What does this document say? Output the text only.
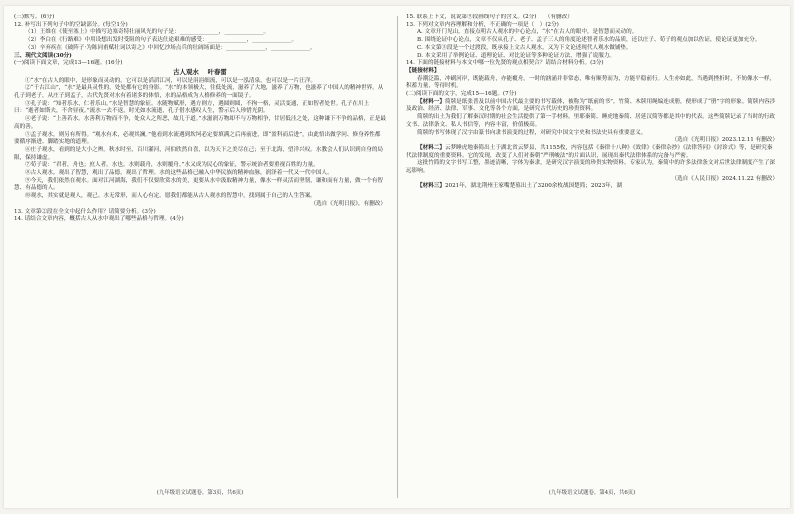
(三)默写。(6分)

12. 补写出下列句子中的空缺部分。(每空1分)

（1）王维在《使至塞上》中描写边塞奇特壮丽风光的句子是：______________，______________。

（2）李白在《行路难》中用设想出发时受阻的句子表达仕途艰难的感受：______________，______________。

（3）辛弃疾在《破阵子·为陈同甫赋壮词以寄之》中回忆沙场点兵的壮阔场面是：______________，______________。

三、现代文阅读(30分)

(一)阅读下面文章，完成13—16题。(16分)

古人观水 叶春雷

①“水”在古人的眼中，是形象而灵动的。它可以是滔滔江河，可以是涓涓细流，可以是一泓清泉，也可以是一片汪洋。

②“千古江山”，“水”是最具灵性的，处处都有它的身影。“水”的本领极大，往低处流，滋养了大地，滋养了万物，也滋养了中国人的精神世界。从孔子到老子，从庄子到孟子，古代先贤对水有着诸多的体悟，水的品格成为人格修养的一面镜子。

③孔子说：“知者乐水，仁者乐山。”水是智慧的象征。水随物赋形，遇方则方，遇圆则圆，不拘一格，灵活变通，正如智者处世。孔子在川上曰：“逝者如斯夫，不舍昼夜。”流水一去不返，时光如水流逝，孔子借水感叹人生，警示后人珍惜光阴。

④老子说：“上善若水。水善利万物而不争，处众人之所恶，故几于道。”水滋润万物却不与万物相争，甘居低洼之处，这种谦下不争的品格，正是最高的善。

⑤孟子观水，则另有所得。“观水有术，必观其澜。”他看到水流遇到坎坷必定要填满之后再前进，即“盈科而后进”，由此悟出做学问、修身养性都要循序渐进、脚踏实地的道理。

⑥庄子观水，看到的是大小之辨。秋水时至，百川灌河，河伯欣然自喜，以为天下之美尽在己；至于北海，望洋兴叹。水教会人们认识到自身的局限，保持谦虚。

⑦荀子说：“君者，舟也；庶人者，水也。水则载舟，水则覆舟。”水又成为民心的象征，警示统治者要重视百姓的力量。

⑧古人观水，观出了智慧，观出了品德，观出了哲理。水的这些品格已融入中华民族的精神血脉，润泽着一代又一代中国人。

⑨今天，我们依然在观水。面对江河湖海，我们不仅要欣赏水的美，更要从水中汲取精神力量，像水一样灵活而坚韧，谦和而有力量，做一个有智慧、有品德的人。

⑩观水，其实就是观人，观己。水无常形，而人心有定。愿我们都能从古人观水的智慧中，找到属于自己的人生答案。

（选自《光明日报》，有删改）

13. 文章第②段在全文中起什么作用？请简要分析。(3分)

14. 请结合文章内容，概括古人从水中观出了哪些品格与哲理。(4分)

(九年级语文试题卷，第3页，共6页)

15. 联系上下文，说说第⑨段画线句子的含义。(2分)　　（有删改）

13. 下列对文章内容理解和分析，不正确的一项是（　）(2分)

A. 文章开门见山，直接点明古人观水的中心论点，“水”在古人的眼中，是智慧而灵动的。

B. 围绕论证中心论点，文章不仅从孔子、老子、孟子三人的角度论述智者乐水的品质，还以庄子、荀子的观点加以佐证，使论证更加充分。

C. 本文第③段是一个过渡段，既承接上文古人观水，又为下文论述现代人观水做铺垫。

D. 本文采用了举例论证、道理论证、对比论证等多种论证方法，增强了说服力。

14. 下面的链接材料与本文中哪一位先贤的观点相契合？请结合材料分析。(3分)

【链接材料】

春潮泛滥，冲刷河岸，既能载舟，亦能覆舟。一时的汹涌并非常态，唯有顺势而为，方能平稳前行。人生亦如此，当遇到挫折时，不妨像水一样，积蓄力量，等待时机。

(二)阅读下面的文字，完成15—16题。(7分)

【材料一】简牍是纸张普及以前中国古代最主要的书写载体，被称为“纸前的书”。竹简、木牍用绳编连成册，便形成了“册”字的形象。简牍内容涉及政治、经济、法律、军事、文化等各个方面，是研究古代历史的珍贵资料。

简牍的出土为我们了解秦汉时期的社会生活提供了第一手材料。里耶秦简、睡虎地秦简、居延汉简等都是其中的代表。这些简牍记录了当时的行政文书、法律条文、私人书信等，内容丰富，价值极高。

简牍的书写体现了汉字由篆书向隶书演变的过程，对研究中国文字史和书法史具有重要意义。

（选自《光明日报》2023.12.11 有删改）

【材料二】云梦睡虎地秦简出土于湖北省云梦县，共1155枚，内容包括《秦律十八种》《效律》《秦律杂抄》《法律答问》《封诊式》等，是研究秦代法律制度的重要资料。它的发现，改变了人们对秦朝“严刑峻法”的片面认识，展现出秦代法律体系的完备与严密。

这批竹简的文字书写工整，墨迹清晰，字体为秦隶，是研究汉字演变的珍贵实物资料。专家认为，秦简中的许多法律条文对后世法律制度产生了深远影响。

（选自《人民日报》2024.11.22 有删改）

【材料三】2021年，湖北荆州王家嘴楚墓出土了3200余枚战国楚简；2023年，湖

(九年级语文试题卷，第4页，共6页)
